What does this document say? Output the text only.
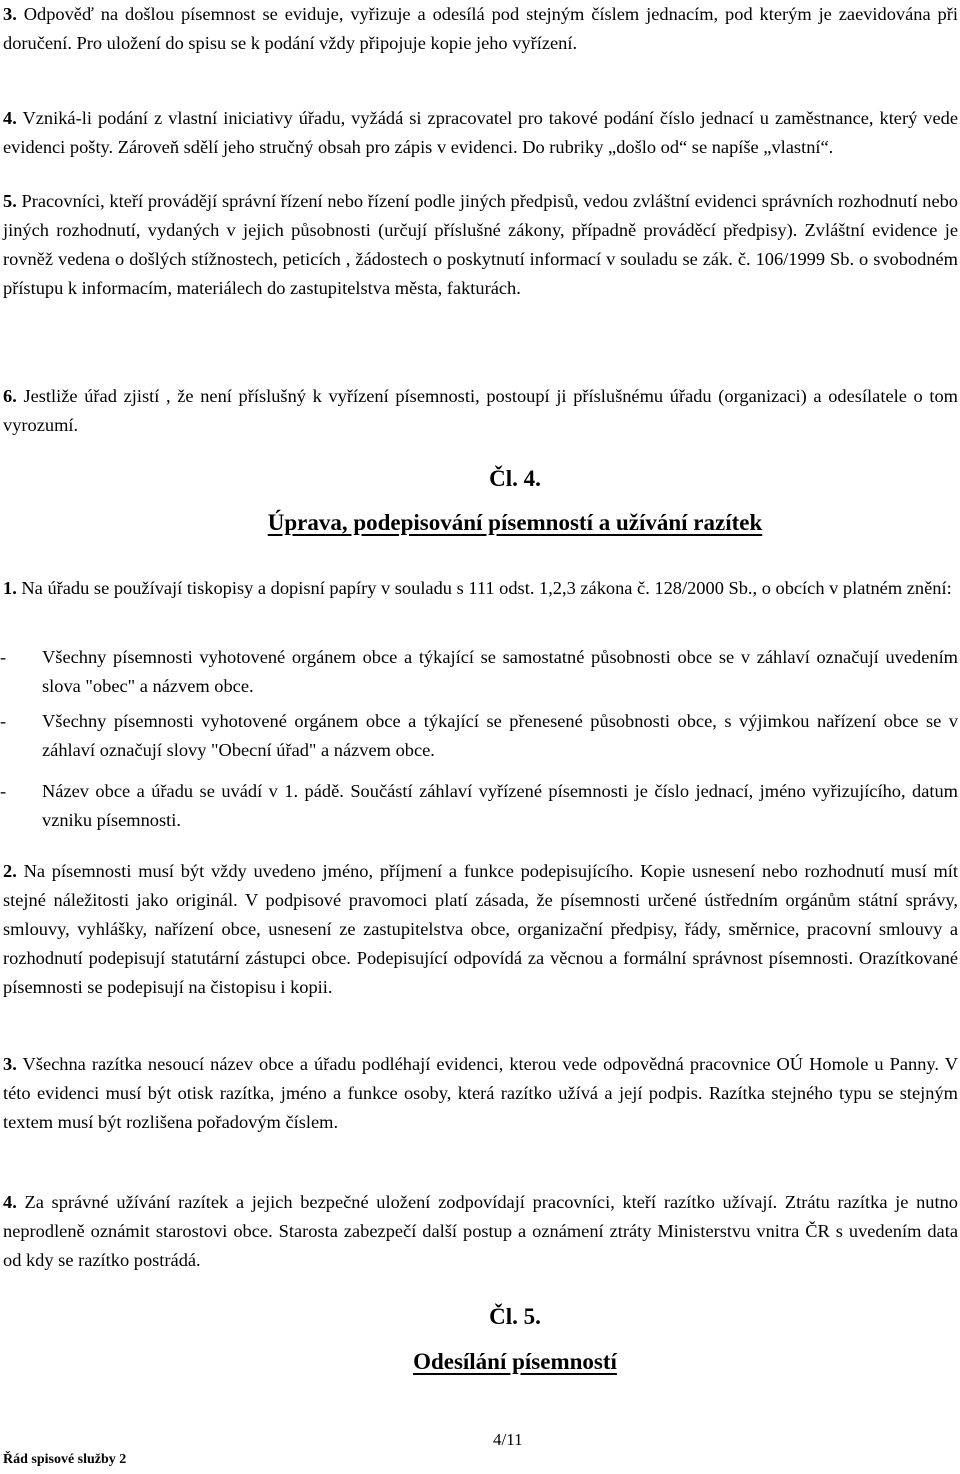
3. Odpověď na došlou písemnost se eviduje, vyřizuje a odesílá pod stejným číslem jednacím, pod kterým je zaevidována při doručení. Pro uložení do spisu se k podání vždy připojuje kopie jeho vyřízení.
4. Vzniká-li podání z vlastní iniciativy úřadu, vyžádá si zpracovatel pro takové podání číslo jednací u zaměstnance, který vede evidenci pošty. Zároveň sdělí jeho stručný obsah pro zápis v evidenci. Do rubriky „došlo od“ se napíše „vlastní“.
5. Pracovníci, kteří provádějí správní řízení nebo řízení podle jiných předpisů, vedou zvláštní evidenci správních rozhodnutí nebo jiných rozhodnutí, vydaných v jejich působnosti (určují příslušné zákony, případně prováděcí předpisy). Zvláštní evidence je rovněž vedena o došlých stížnostech, peticích , žádostech o poskytnutí informací v souladu se zák. č. 106/1999 Sb. o svobodném přístupu k informacím, materiálech do zastupitelstva města, fakturách.
6. Jestliže úřad zjistí , že není příslušný k vyřízení písemnosti, postoupí ji příslušnému úřadu (organizaci) a odesílatele o tom vyrozumí.
Čl. 4.
Úprava, podepisování písemností a užívání razítek
1. Na úřadu se používají tiskopisy a dopisní papíry v souladu s 111 odst. 1,2,3 zákona č. 128/2000 Sb., o obcích v platném znění:
-	Všechny písemnosti vyhotovené orgánem obce a týkající se samostatné působnosti obce se v záhlaví označují uvedením slova "obec" a názvem obce.
-	Všechny písemnosti vyhotovené orgánem obce a týkající se přenesené působnosti obce, s výjimkou nařízení obce se v záhlaví označují slovy "Obecní úřad" a názvem obce.
-	Název obce a úřadu se uvádí v 1. pádě. Součástí záhlaví vyřízené písemnosti je číslo jednací, jméno vyřizujícího, datum vzniku písemnosti.
2. Na písemnosti musí být vždy uvedeno jméno, příjmení a funkce podepisujícího. Kopie usnesení nebo rozhodnutí musí mít stejné náležitosti jako originál. V podpisové pravomoci platí zásada, že písemnosti určené ústředním orgánům státní správy, smlouvy, vyhlášky, nařízení obce, usnesení ze zastupitelstva obce, organizační předpisy, řády, směrnice, pracovní smlouvy a rozhodnutí podepisují statutární zástupci obce. Podepisující odpovídá za věcnou a formální správnost písemnosti. Orazítkované písemnosti se podepisují na čistopisu i kopii.
3. Všechna razítka nesoucí název obce a úřadu podléhají evidenci, kterou vede odpovědná pracovnice OÚ Homole u Panny. V této evidenci musí být otisk razítka, jméno a funkce osoby, která razítko užívá a její podpis. Razítka stejného typu se stejným textem musí být rozlišena pořadovým číslem.
4. Za správné užívání razítek a jejich bezpečné uložení zodpovídají pracovníci, kteří razítko užívají. Ztrátu razítka je nutno neprodleně oznámit starostovi obce. Starosta zabezpečí další postup a oznámení ztráty Ministerstvu vnitra ČR s uvedením data od kdy se razítko postrádá.
Čl. 5.
Odesílání písemností
4/11
Řád spisové služby 2
